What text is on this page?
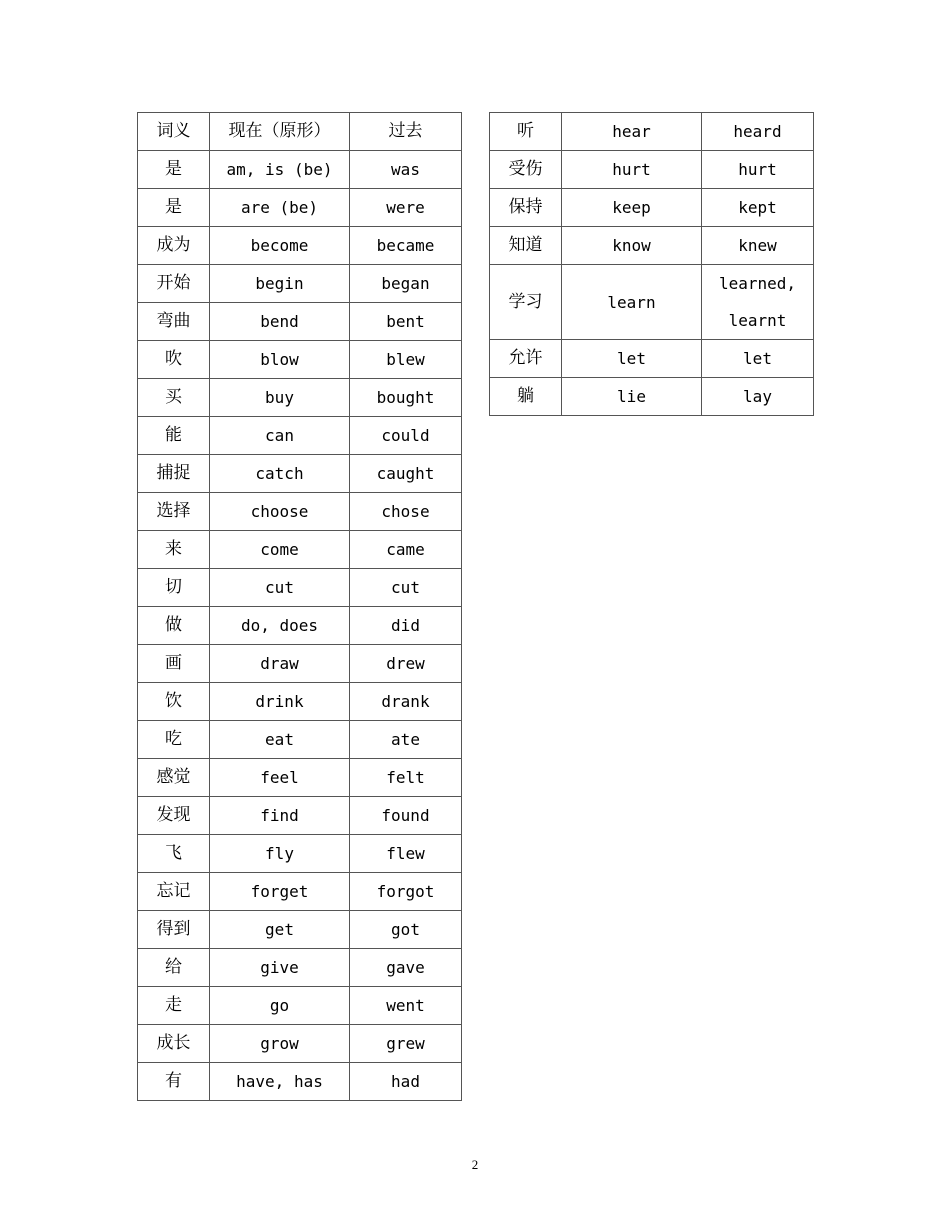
词义	现在（原形）	过去
是	am, is (be)	was
是	are (be)	were
成为	become	became
开始	begin	began
弯曲	bend	bent
吹	blow	blew
买	buy	bought
能	can	could
捕捉	catch	caught
选择	choose	chose
来	come	came
切	cut	cut
做	do, does	did
画	draw	drew
饮	drink	drank
吃	eat	ate
感觉	feel	felt
发现	find	found
飞	fly	flew
忘记	forget	forgot
得到	get	got
给	give	gave
走	go	went
成长	grow	grew
有	have, has	had
听	hear	heard
受伤	hurt	hurt
保持	keep	kept
知道	know	knew
学习	learn	learned,
learnt
允许	let	let
躺	lie	lay
2
